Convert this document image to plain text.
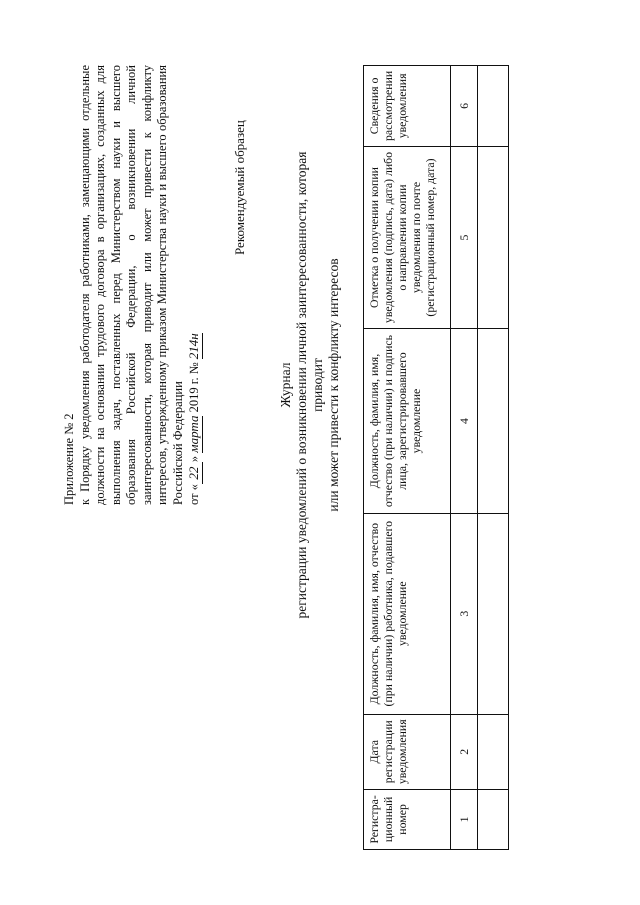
Приложение № 2 к Порядку уведомления работодателя работниками, замещающими отдельные должности на основании трудового договора в организациях, созданных для выполнения задач, поставленных перед Министерством науки и высшего образования Российской Федерации, о возникновении личной заинтересованности, которая приводит или может привести к конфликту интересов, утвержденному приказом Министерства науки и высшего образования Российской Федерации от «22» марта 2019 г. № 214н

Рекомендуемый образец

Журнал регистрации уведомлений о возникновении личной заинтересованности, которая приводит или может привести к конфликту интересов

Регистра-ционный номер	Дата регистрации уведомления	Должность, фамилия, имя, отчество (при наличии) работника, подавшего уведомление	Должность, фамилия, имя, отчество (при наличии) и подпись лица, зарегистрировавшего уведомление	Отметка о получении копии уведомления (подпись, дата) либо о направлении копии уведомления по почте (регистрационный номер, дата)	Сведения о рассмотрении уведомления
1	2	3	4	5	6
